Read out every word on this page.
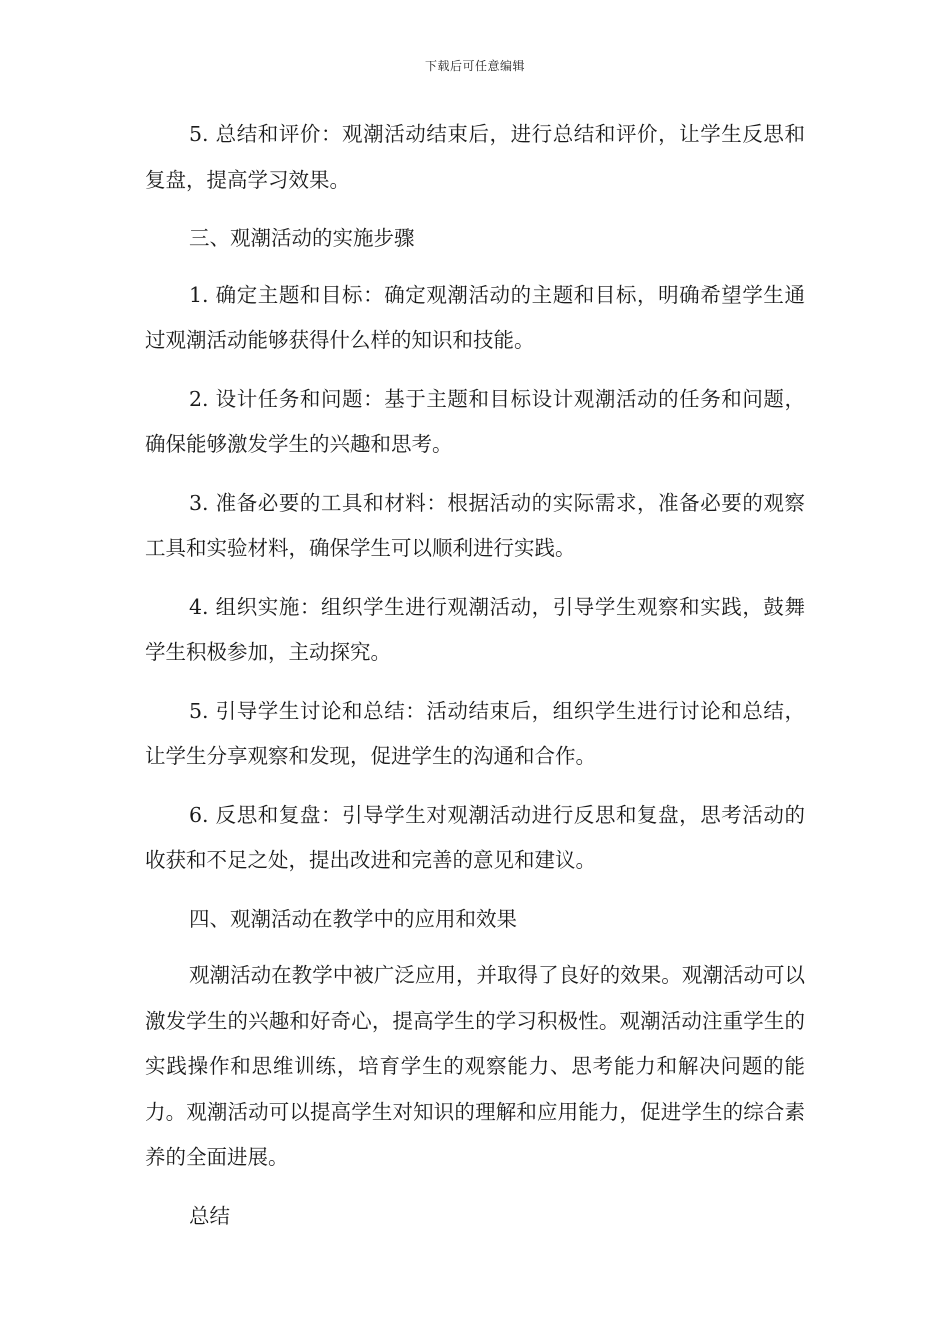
下载后可任意编辑

5. 总结和评价：观潮活动结束后，进行总结和评价，让学生反思和复盘，提高学习效果。

三、观潮活动的实施步骤

1. 确定主题和目标：确定观潮活动的主题和目标，明确希望学生通过观潮活动能够获得什么样的知识和技能。

2. 设计任务和问题：基于主题和目标设计观潮活动的任务和问题，确保能够激发学生的兴趣和思考。

3. 准备必要的工具和材料：根据活动的实际需求，准备必要的观察工具和实验材料，确保学生可以顺利进行实践。

4. 组织实施：组织学生进行观潮活动，引导学生观察和实践，鼓舞学生积极参加，主动探究。

5. 引导学生讨论和总结：活动结束后，组织学生进行讨论和总结，让学生分享观察和发现，促进学生的沟通和合作。

6. 反思和复盘：引导学生对观潮活动进行反思和复盘，思考活动的收获和不足之处，提出改进和完善的意见和建议。

四、观潮活动在教学中的应用和效果

观潮活动在教学中被广泛应用，并取得了良好的效果。观潮活动可以激发学生的兴趣和好奇心，提高学生的学习积极性。观潮活动注重学生的实践操作和思维训练，培育学生的观察能力、思考能力和解决问题的能力。观潮活动可以提高学生对知识的理解和应用能力，促进学生的综合素养的全面进展。

总结
